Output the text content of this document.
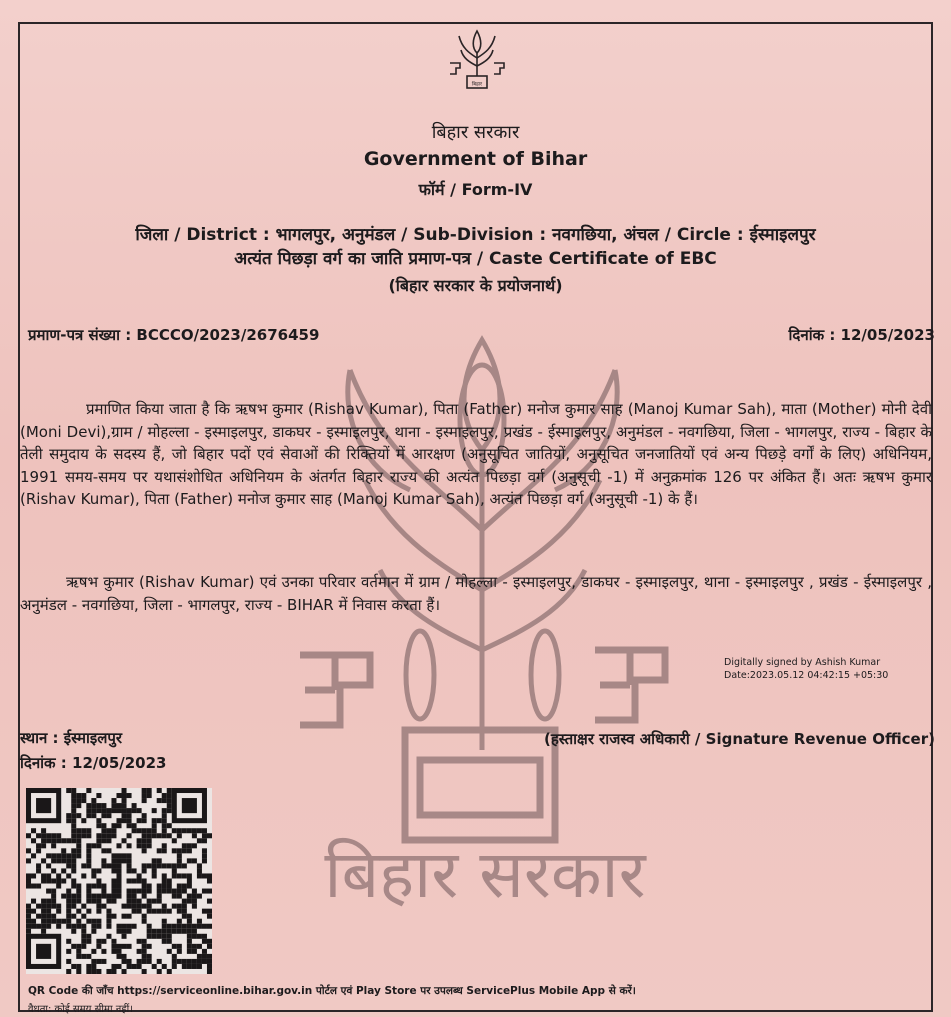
बिहार सरकार
बिहार
बिहार सरकार
Government of Bihar
फॉर्म / Form-IV
जिला / District : भागलपुर, अनुमंडल / Sub-Division : नवगछिया, अंचल / Circle : ईस्माइलपुर
अत्यंत पिछड़ा वर्ग का जाति प्रमाण-पत्र / Caste Certificate of EBC
(बिहार सरकार के प्रयोजनार्थ)
प्रमाण-पत्र संख्या : BCCCO/2023/2676459	दिनांक : 12/05/2023
प्रमाणित किया जाता है कि ऋषभ कुमार (Rishav Kumar), पिता (Father) मनोज कुमार साह (Manoj Kumar Sah), माता (Mother) मोनी देवी (Moni Devi),ग्राम / मोहल्ला - इस्माइलपुर, डाकघर - इस्माइलपुर, थाना - इस्माइलपुर, प्रखंड - ईस्माइलपुर, अनुमंडल - नवगछिया, जिला - भागलपुर, राज्य - बिहार के तेली समुदाय के सदस्य हैं, जो बिहार पदों एवं सेवाओं की रिक्तियों में आरक्षण (अनुसूचित जातियों, अनुसूचित जनजातियों एवं अन्य पिछड़े वर्गों के लिए) अधिनियम, 1991 समय-समय पर यथासंशोधित अधिनियम के अंतर्गत बिहार राज्य की अत्यंत पिछड़ा वर्ग (अनुसूची -1) में अनुक्रमांक 126 पर अंकित हैं। अतः ऋषभ कुमार (Rishav Kumar), पिता (Father) मनोज कुमार साह (Manoj Kumar Sah), अत्यंत पिछड़ा वर्ग (अनुसूची -1) के हैं।
ऋषभ कुमार (Rishav Kumar) एवं उनका परिवार वर्तमान में ग्राम / मोहल्ला - इस्माइलपुर, डाकघर - इस्माइलपुर, थाना - इस्माइलपुर , प्रखंड - ईस्माइलपुर , अनुमंडल - नवगछिया, जिला - भागलपुर, राज्य - BIHAR में निवास करता हैं।
Digitally signed by Ashish Kumar
Date:2023.05.12 04:42:15 +05:30
स्थान : ईस्माइलपुर
दिनांक : 12/05/2023
(हस्ताक्षर राजस्व अधिकारी / Signature Revenue Officer)
QR Code की जाँच https://serviceonline.bihar.gov.in पोर्टल एवं Play Store पर उपलब्ध ServicePlus Mobile App से करें।
वैधता: कोई समय सीमा नहीं।
